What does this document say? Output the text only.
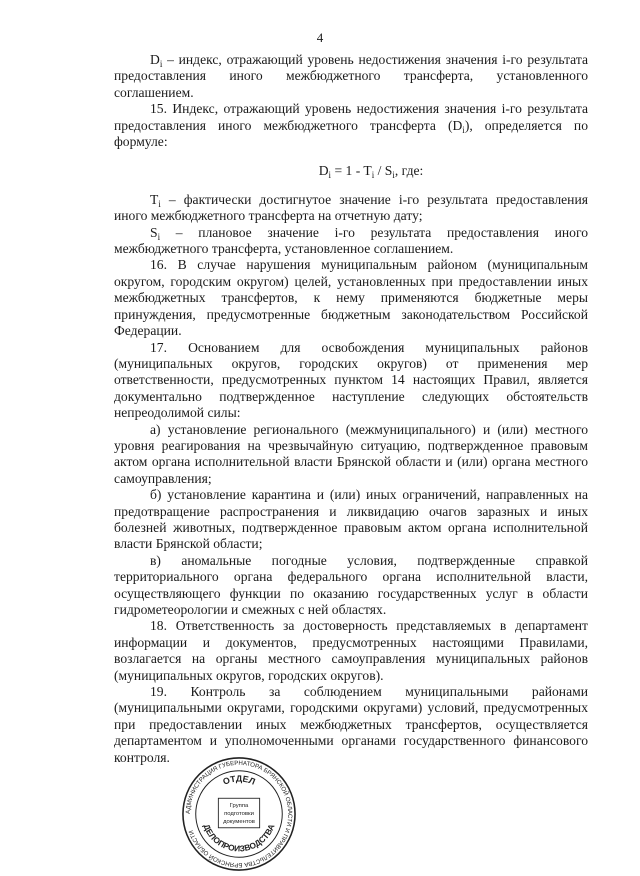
4

$D_i$ – индекс, отражающий уровень недостижения значения i-го результата предоставления иного межбюджетного трансферта, установленного соглашением.

15. Индекс, отражающий уровень недостижения значения i-го результата предоставления иного межбюджетного трансферта $(D_i)$, определяется по формуле:

$D_i = 1 - T_i / S_i$, где:

$T_i$ – фактически достигнутое значение i-го результата предоставления иного межбюджетного трансферта на отчетную дату;

$S_i$ – плановое значение i-го результата предоставления иного межбюджетного трансферта, установленное соглашением.

16. В случае нарушения муниципальным районом (муниципальным округом, городским округом) целей, установленных при предоставлении иных межбюджетных трансфертов, к нему применяются бюджетные меры принуждения, предусмотренные бюджетным законодательством Российской Федерации.

17. Основанием для освобождения муниципальных районов (муниципальных округов, городских округов) от применения мер ответственности, предусмотренных пунктом 14 настоящих Правил, является документально подтвержденное наступление следующих обстоятельств непреодолимой силы:

а) установление регионального (межмуниципального) и (или) местного уровня реагирования на чрезвычайную ситуацию, подтвержденное правовым актом органа исполнительной власти Брянской области и (или) органа местного самоуправления;

б) установление карантина и (или) иных ограничений, направленных на предотвращение распространения и ликвидацию очагов заразных и иных болезней животных, подтвержденное правовым актом органа исполнительной власти Брянской области;

в) аномальные погодные условия, подтвержденные справкой территориального органа федерального органа исполнительной власти, осуществляющего функции по оказанию государственных услуг в области гидрометеорологии и смежных с ней областях.

18. Ответственность за достоверность представляемых в департамент информации и документов, предусмотренных настоящими Правилами, возлагается на органы местного самоуправления муниципальных районов (муниципальных округов, городских округов).

19. Контроль за соблюдением муниципальными районами (муниципальными округами, городскими округами) условий, предусмотренных при предоставлении иных межбюджетных трансфертов, осуществляется департаментом и уполномоченными органами государственного финансового контроля.

АДМИНИСТРАЦИЯ ГУБЕРНАТОРА БРЯНСКОЙ ОБЛАСТИ И ПРАВИТЕЛЬСТВА БРЯНСКОЙ ОБЛАСТИ
ОТДЕЛ
ДЕЛОПРОИЗВОДСТВА
Группа
подготовки
документов
